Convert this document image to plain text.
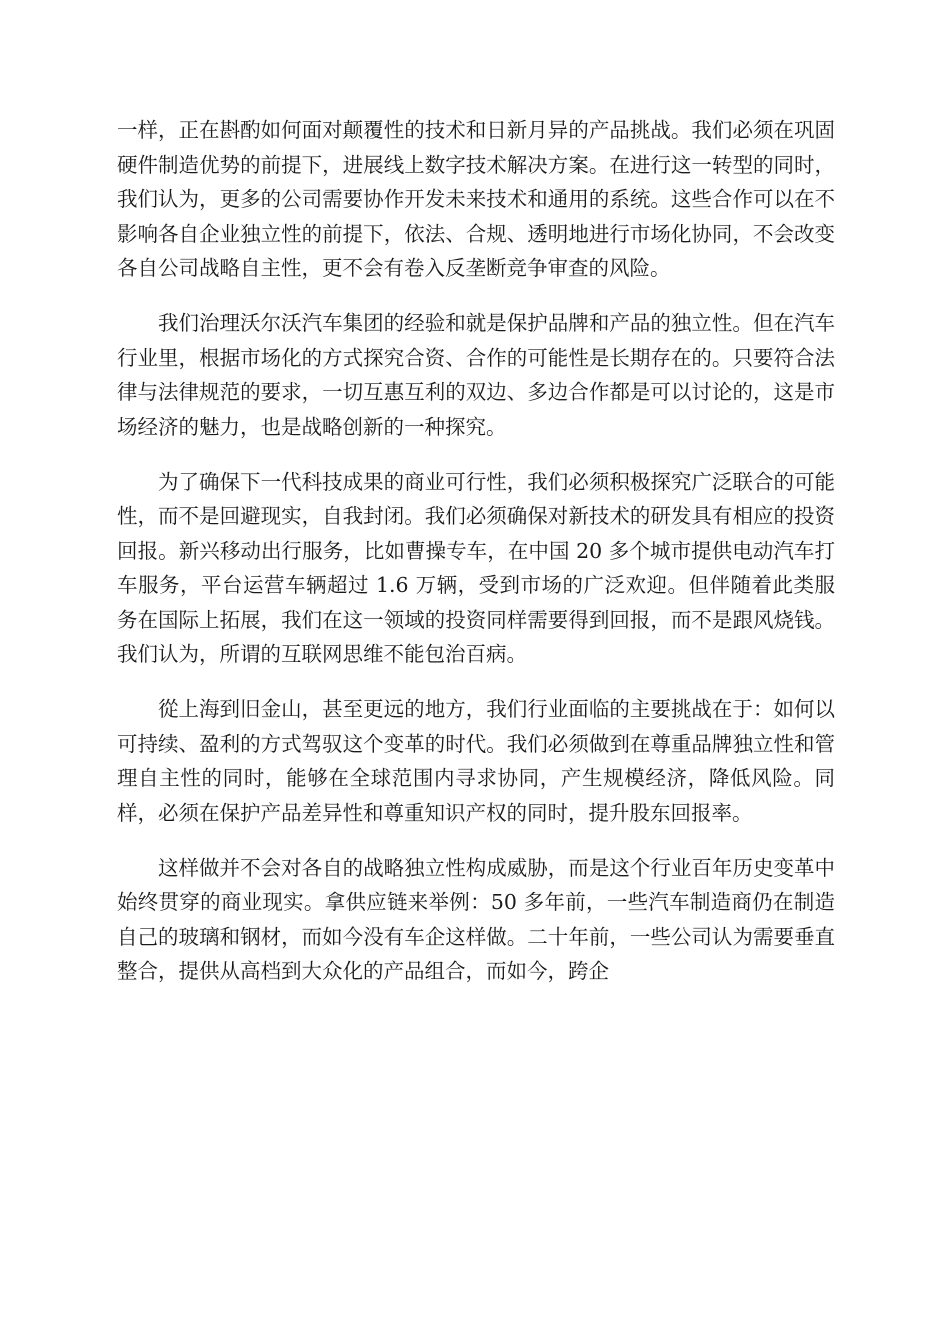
一样，正在斟酌如何面对颠覆性的技术和日新月异的产品挑战。我们必须在巩固硬件制造优势的前提下，进展线上数字技术解决方案。在进行这一转型的同时，我们认为，更多的公司需要协作开发未来技术和通用的系统。这些合作可以在不影响各自企业独立性的前提下，依法、合规、透明地进行市场化协同，不会改变各自公司战略自主性，更不会有卷入反垄断竞争审查的风险。

我们治理沃尔沃汽车集团的经验和就是保护品牌和产品的独立性。但在汽车行业里，根据市场化的方式探究合资、合作的可能性是长期存在的。只要符合法律与法律规范的要求，一切互惠互利的双边、多边合作都是可以讨论的，这是市场经济的魅力，也是战略创新的一种探究。

为了确保下一代科技成果的商业可行性，我们必须积极探究广泛联合的可能性，而不是回避现实，自我封闭。我们必须确保对新技术的研发具有相应的投资回报。新兴移动出行服务，比如曹操专车，在中国 20 多个城市提供电动汽车打车服务，平台运营车辆超过 1.6 万辆，受到市场的广泛欢迎。但伴随着此类服务在国际上拓展，我们在这一领域的投资同样需要得到回报，而不是跟风烧钱。我们认为，所谓的互联网思维不能包治百病。

從上海到旧金山，甚至更远的地方，我们行业面临的主要挑战在于：如何以可持续、盈利的方式驾驭这个变革的时代。我们必须做到在尊重品牌独立性和管理自主性的同时，能够在全球范围内寻求协同，产生规模经济，降低风险。同样，必须在保护产品差异性和尊重知识产权的同时，提升股东回报率。

这样做并不会对各自的战略独立性构成威胁，而是这个行业百年历史变革中始终贯穿的商业现实。拿供应链来举例：50 多年前，一些汽车制造商仍在制造自己的玻璃和钢材，而如今没有车企这样做。二十年前，一些公司认为需要垂直整合，提供从高档到大众化的产品组合，而如今，跨企
